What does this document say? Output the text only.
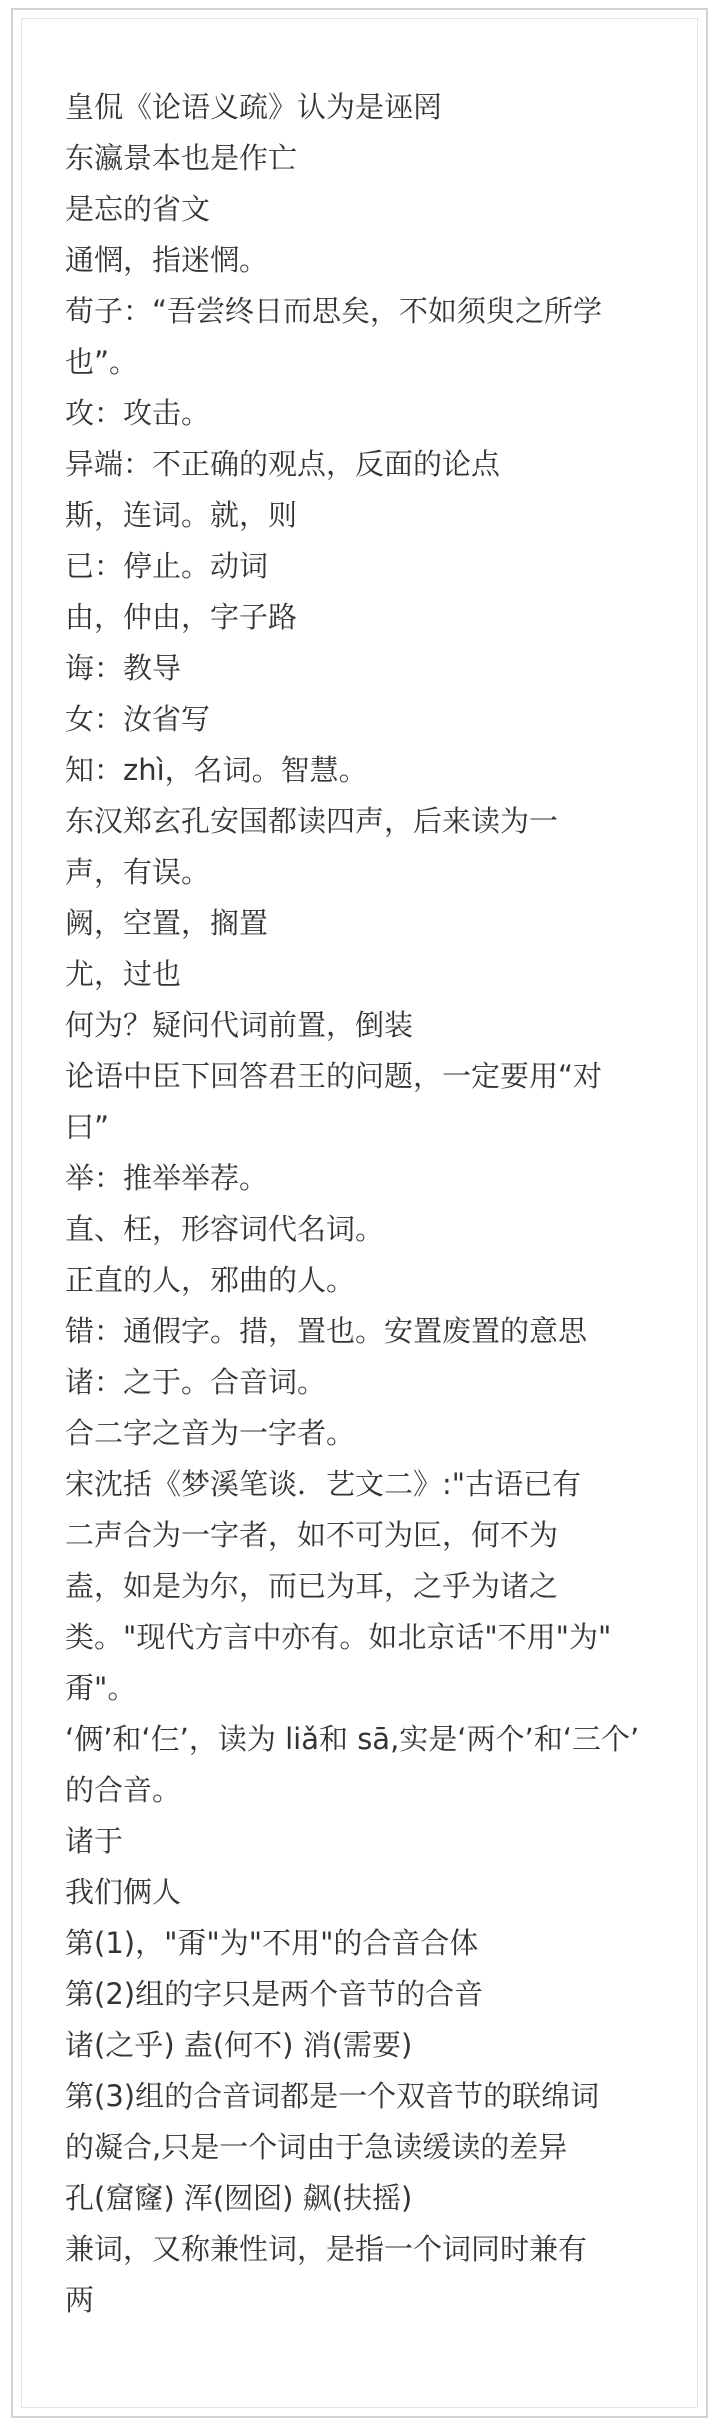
皇侃《论语义疏》认为是诬罔

东瀛景本也是作亡

是忘的省文

通惘，指迷惘。

荀子：“吾尝终日而思矣，不如须臾之所学

也”。

攻：攻击。

异端：不正确的观点，反面的论点

斯，连词。就，则

已：停止。动词

由，仲由，字子路

诲：教导

女：汝省写

知：zhì，名词。智慧。

东汉郑玄孔安国都读四声，后来读为一

声，有误。

阙，空置，搁置

尤，过也

何为？疑问代词前置，倒装

论语中臣下回答君王的问题，一定要用“对

曰”

举：推举举荐。

直、枉，形容词代名词。

正直的人，邪曲的人。

错：通假字。措，置也。安置废置的意思

诸：之于。合音词。

合二字之音为一字者。

宋沈括《梦溪笔谈．艺文二》:"古语已有

二声合为一字者，如不可为叵，何不为

盍，如是为尔，而已为耳，之乎为诸之

类。"现代方言中亦有。如北京话"不用"为"

甭"。

‘俩’和‘仨’，读为 liǎ和 sā,实是‘两个’和‘三个’

的合音。

诸于

我们俩人

第(1)，"甭"为"不用"的合音合体

第(2)组的字只是两个音节的合音

诸(之乎) 盍(何不) 消(需要)

第(3)组的合音词都是一个双音节的联绵词

的凝合,只是一个词由于急读缓读的差异

孔(窟窿) 浑(囫囵) 飙(扶摇)

兼词，又称兼性词，是指一个词同时兼有

两
